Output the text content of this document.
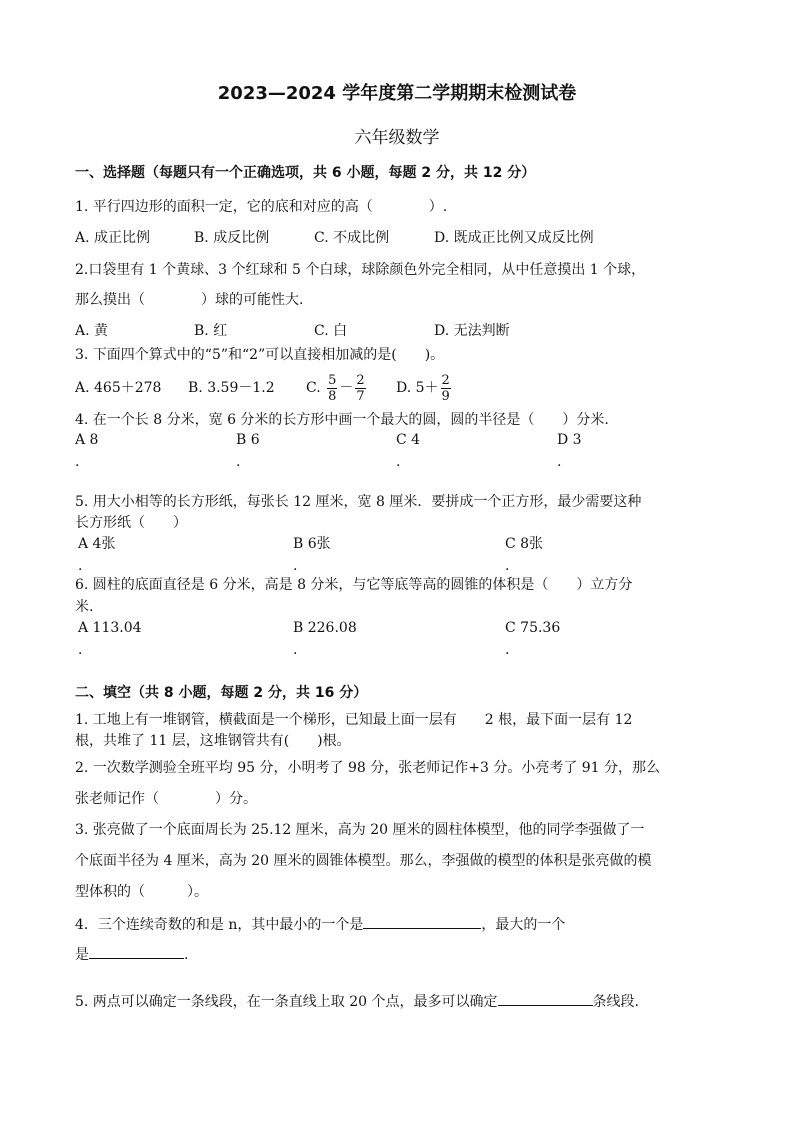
2023—2024 学年度第二学期期末检测试卷
六年级数学
一、选择题（每题只有一个正确选项，共 6 小题，每题 2 分，共 12 分）
1. 平行四边形的面积一定，它的底和对应的高（　　　　）.
A. 成正比例	B. 成反比例	C. 不成比例	D. 既成正比例又成反比例
2.口袋里有 1 个黄球、3 个红球和 5 个白球，球除颜色外完全相同，从中任意摸出 1 个球，
那么摸出（　　　　）球的可能性大.
A. 黄	B. 红	C. 白	D. 无法判断
3. 下面四个算式中的“5”和“2”可以直接相加减的是(　　)。
A. 465＋278 B. 3.59－1.2 C. $\frac{5}{8} - \frac{2}{7} D$. $5+ \frac{2}{9}$
4. 在一个长 8 分米，宽 6 分米的长方形中画一个最大的圆，圆的半径是（　　）分米.
A 8	B 6	C 4	D 3
.	.	.	.
5. 用大小相等的长方形纸，每张长 12 厘米，宽 8 厘米．要拼成一个正方形，最少需要这种
长方形纸（　　）
A 4张	B 6张	C 8张
.	.	.
6. 圆柱的底面直径是 6 分米，高是 8 分米，与它等底等高的圆锥的体积是（　　）立方分
米.
A 113.04	B 226.08	C 75.36
.	.	.
二、填空（共 8 小题，每题 2 分，共 16 分）
1. 工地上有一堆钢管，横截面是一个梯形，已知最上面一层有　　2 根，最下面一层有 12
根，共堆了 11 层，这堆钢管共有(　　)根。
2. 一次数学测验全班平均 95 分，小明考了 98 分，张老师记作+3 分。小亮考了 91 分，那么
张老师记作（　　　　）分。
3. 张亮做了一个底面周长为 25.12 厘米，高为 20 厘米的圆柱体模型，他的同学李强做了一
个底面半径为 4 厘米，高为 20 厘米的圆锥体模型。那么，李强做的模型的体积是张亮做的模
型体积的（　　　）。
4．三个连续奇数的和是 n，其中最小的一个是	，最大的一个
是	.
5. 两点可以确定一条线段，在一条直线上取 20 个点，最多可以确定	条线段.
